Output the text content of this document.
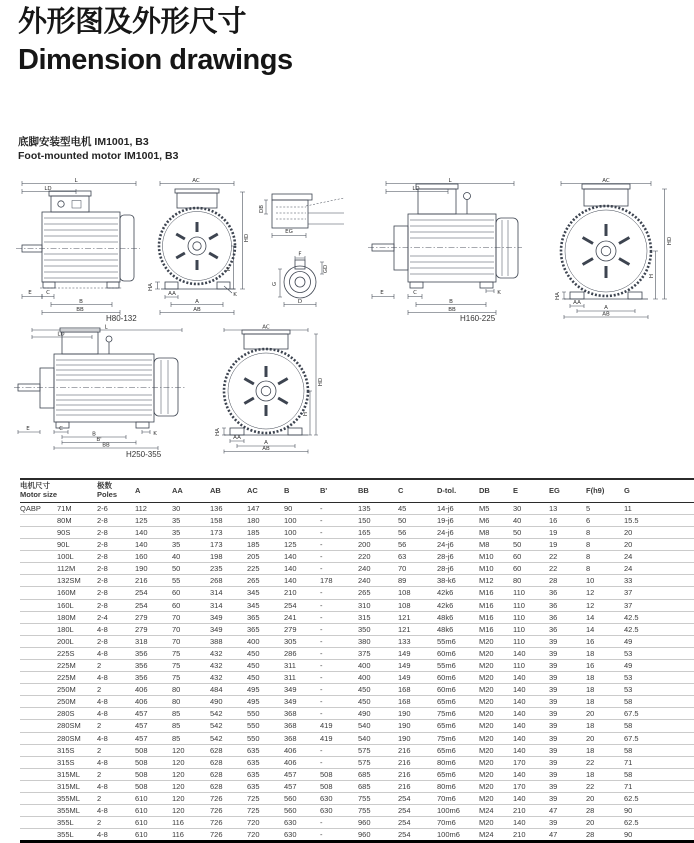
外形图及外形尺寸
Dimension drawings
底脚安装型电机 IM1001, B3
Foot-mounted motor IM1001, B3
L
LD
E	C
B
BB
AC
HD
H
HA
AA	K
A
AB
DB
EG
F
GD
G
D
H80-132
L
LD
K
E	C
B
BB
AC
HD
H
HA
AA
A
AB
H160-225
L
LD
K
E	C
B
B'
BB
AC
HD
H
HA
AA
A
AB
H250-355
电机尺寸
Motor size

极数
Poles
	A	AA	AB	AC	B	B'	BB	C	D-tol.	DB	E	EG	F(h9)	G
QABP	71M	2-6	112	30	136	147	90	-	135	45	14-j6	M5	30	13	5	11
	80M	2-8	125	35	158	180	100	-	150	50	19-j6	M6	40	16	6	15.5
	90S	2-8	140	35	173	185	100	-	165	56	24-j6	M8	50	19	8	20
	90L	2-8	140	35	173	185	125	-	200	56	24-j6	M8	50	19	8	20
	100L	2-8	160	40	198	205	140	-	220	63	28-j6	M10	60	22	8	24
	112M	2-8	190	50	235	225	140	-	240	70	28-j6	M10	60	22	8	24
	132SM	2-8	216	55	268	265	140	178	240	89	38-k6	M12	80	28	10	33
	160M	2-8	254	60	314	345	210	-	265	108	42k6	M16	110	36	12	37
	160L	2-8	254	60	314	345	254	-	310	108	42k6	M16	110	36	12	37
	180M	2-4	279	70	349	365	241	-	315	121	48k6	M16	110	36	14	42.5
	180L	4-8	279	70	349	365	279	-	350	121	48k6	M16	110	36	14	42.5
	200L	2-8	318	70	388	400	305	-	380	133	55m6	M20	110	39	16	49
	225S	4-8	356	75	432	450	286	-	375	149	60m6	M20	140	39	18	53
	225M	2	356	75	432	450	311	-	400	149	55m6	M20	110	39	16	49
	225M	4-8	356	75	432	450	311	-	400	149	60m6	M20	140	39	18	53
	250M	2	406	80	484	495	349	-	450	168	60m6	M20	140	39	18	53
	250M	4-8	406	80	490	495	349	-	450	168	65m6	M20	140	39	18	58
	280S	4-8	457	85	542	550	368	-	490	190	75m6	M20	140	39	20	67.5
	280SM	2	457	85	542	550	368	419	540	190	65m6	M20	140	39	18	58
	280SM	4-8	457	85	542	550	368	419	540	190	75m6	M20	140	39	20	67.5
	315S	2	508	120	628	635	406	-	575	216	65m6	M20	140	39	18	58
	315S	4-8	508	120	628	635	406	-	575	216	80m6	M20	170	39	22	71
	315ML	2	508	120	628	635	457	508	685	216	65m6	M20	140	39	18	58
	315ML	4-8	508	120	628	635	457	508	685	216	80m6	M20	170	39	22	71
	355ML	2	610	120	726	725	560	630	755	254	70m6	M20	140	39	20	62.5
	355ML	4-8	610	120	726	725	560	630	755	254	100m6	M24	210	47	28	90
	355L	2	610	116	726	720	630	-	960	254	70m6	M20	140	39	20	62.5
	355L	4-8	610	116	726	720	630	-	960	254	100m6	M24	210	47	28	90
